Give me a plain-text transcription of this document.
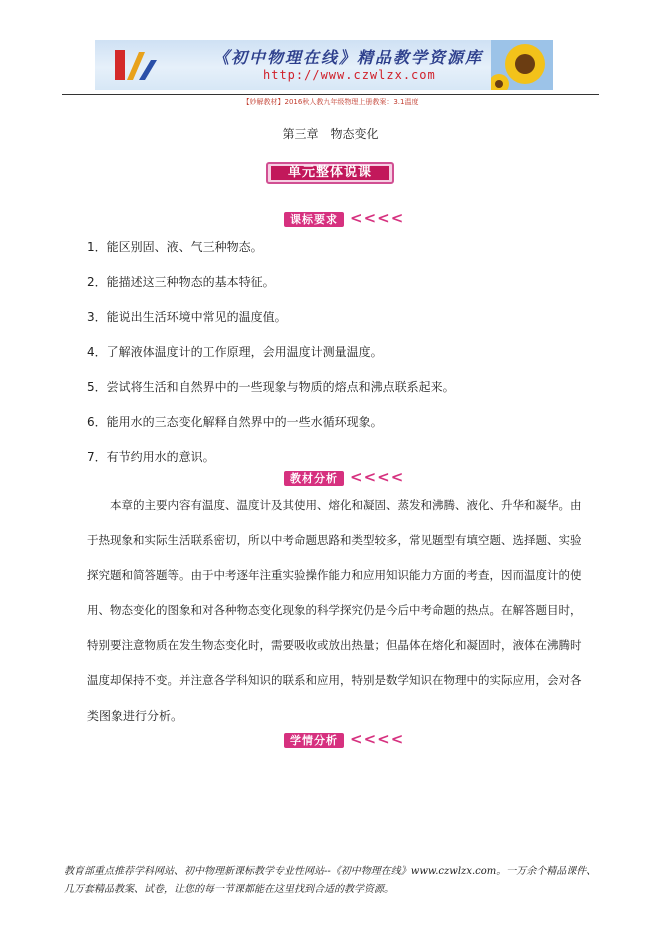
《初中物理在线》精品教学资源库
http://www.czwlzx.com
【妙解教材】2016秋人教九年级物理上册教案：3.1温度
第三章　物态变化
单元整体说课
课标要求 <<<<
1．能区别固、液、气三种物态。
2．能描述这三种物态的基本特征。
3．能说出生活环境中常见的温度值。
4．了解液体温度计的工作原理，会用温度计测量温度。
5．尝试将生活和自然界中的一些现象与物质的熔点和沸点联系起来。
6．能用水的三态变化解释自然界中的一些水循环现象。
7．有节约用水的意识。
教材分析 <<<<
　　本章的主要内容有温度、温度计及其使用、熔化和凝固、蒸发和沸腾、液化、升华和凝华。由
于热现象和实际生活联系密切，所以中考命题思路和类型较多，常见题型有填空题、选择题、实验
探究题和简答题等。由于中考逐年注重实验操作能力和应用知识能力方面的考查，因而温度计的使
用、物态变化的图象和对各种物态变化现象的科学探究仍是今后中考命题的热点。在解答题目时，
特别要注意物质在发生物态变化时，需要吸收或放出热量；但晶体在熔化和凝固时，液体在沸腾时
温度却保持不变。并注意各学科知识的联系和应用，特别是数学知识在物理中的实际应用，会对各
类图象进行分析。
学情分析 <<<<
教育部重点推荐学科网站、初中物理新课标教学专业性网站--《初中物理在线》www.czwlzx.com。一万余个精品课件、
几万套精品教案、试卷，让您的每一节课都能在这里找到合适的教学资源。
